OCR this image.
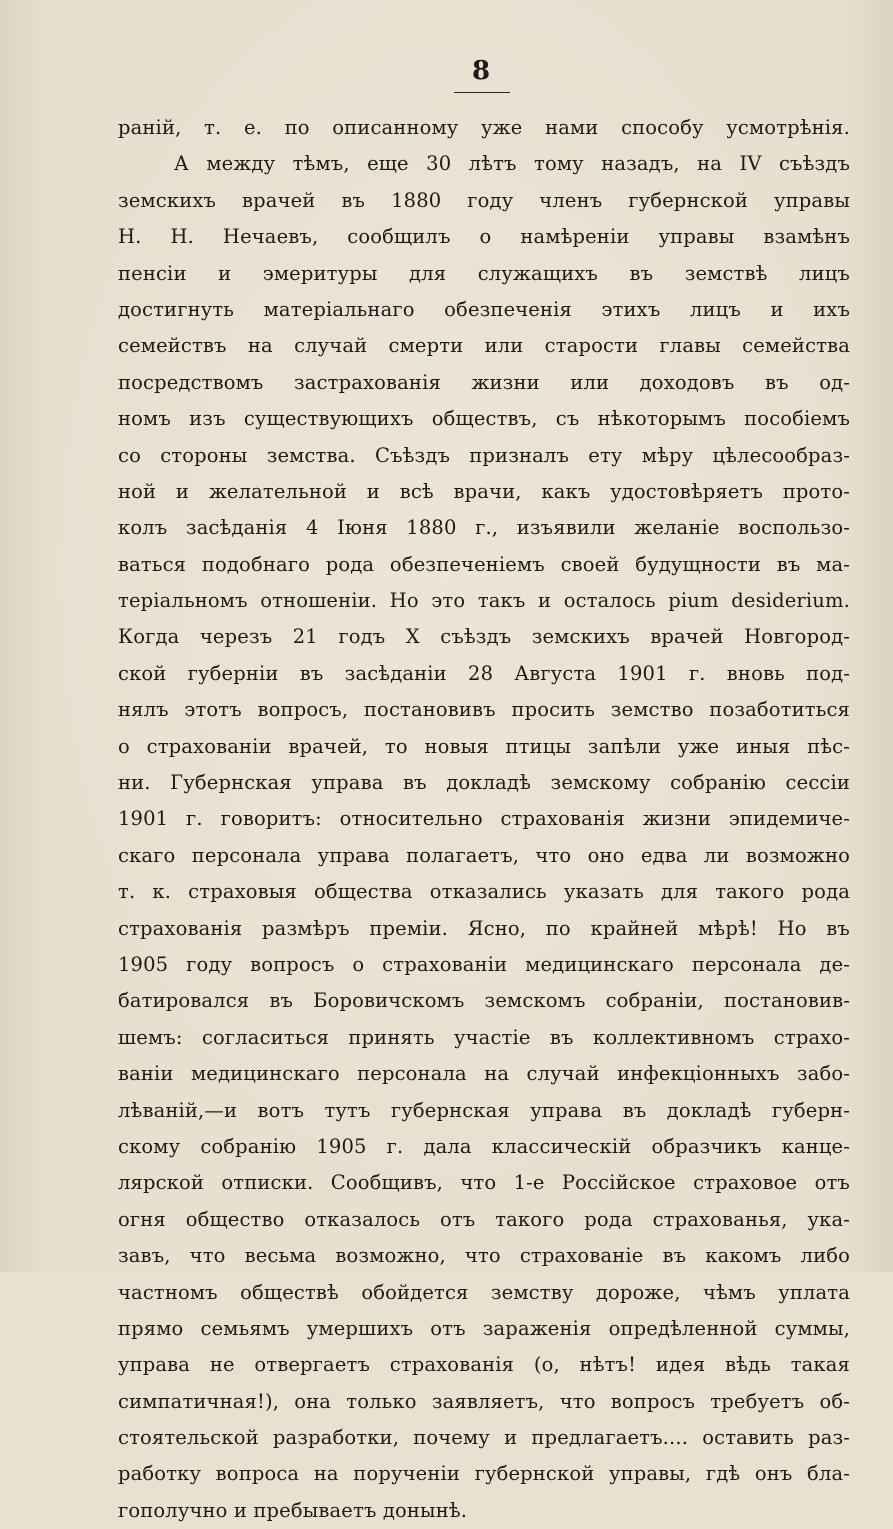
8
ранiй, т. е. по описанному уже нами способу усмотрѣнiя.
А между тѣмъ, еще 30 лѣтъ тому назадъ, на IV съѣздъ
земскихъ врачей въ 1880 году членъ губернской управы
Н. Н. Нечаевъ, сообщилъ о намѣренiи управы взамѣнъ
пенсiи и эмеритуры для служащихъ въ земствѣ лицъ
достигнуть матерiальнаго обезпеченiя этихъ лицъ и ихъ
семействъ на случай смерти или старости главы семейства
посредствомъ застрахованiя жизни или доходовъ въ од-
номъ изъ существующихъ обществъ, съ нѣкоторымъ пособiемъ
со стороны земства. Съѣздъ призналъ ету мѣру цѣлесообраз-
ной и желательной и всѣ врачи, какъ удостовѣряетъ прото-
колъ засѣданiя 4 Iюня 1880 г., изъявили желанiе воспользо-
ваться подобнаго рода обезпеченiемъ своей будущности въ ма-
терiальномъ отношенiи. Но это такъ и осталось pium desiderium.
Когда черезъ 21 годъ X съѣздъ земскихъ врачей Новгород-
ской губернiи въ засѣданiи 28 Августа 1901 г. вновь под-
нялъ этотъ вопросъ, постановивъ просить земство позаботиться
о страхованiи врачей, то новыя птицы запѣли уже иныя пѣс-
ни. Губернская управа въ докладѣ земскому собранiю сессiи
1901 г. говоритъ: относительно страхованiя жизни эпидемиче-
скаго персонала управа полагаетъ, что оно едва ли возможно
т. к. страховыя общества отказались указать для такого рода
страхованiя размѣръ премiи. Ясно, по крайней мѣрѣ! Но въ
1905 году вопросъ о страхованiи медицинскаго персонала де-
батировался въ Боровичскомъ земскомъ собранiи, постановив-
шемъ: согласиться принять участiе въ коллективномъ страхо-
ванiи медицинскаго персонала на случай инфекцiонныхъ забо-
лѣванiй,—и вотъ тутъ губернская управа въ докладѣ губерн-
скому собранiю 1905 г. дала классическiй образчикъ канце-
лярской отписки. Сообщивъ, что 1-е Россiйское страховое отъ
огня общество отказалось отъ такого рода страхованья, ука-
завъ, что весьма возможно, что страхованiе въ какомъ либо
частномъ обществѣ обойдется земству дороже, чѣмъ уплата
прямо семьямъ умершихъ отъ зараженiя опредѣленной суммы,
управа не отвергаетъ страхованiя (о, нѣтъ! идея вѣдь такая
симпатичная!), она только заявляетъ, что вопросъ требуетъ об-
стоятельской разработки, почему и предлагаетъ.... оставить раз-
работку вопроса на порученiи губернской управы, гдѣ онъ бла-
гополучно и пребываетъ донынѣ.
